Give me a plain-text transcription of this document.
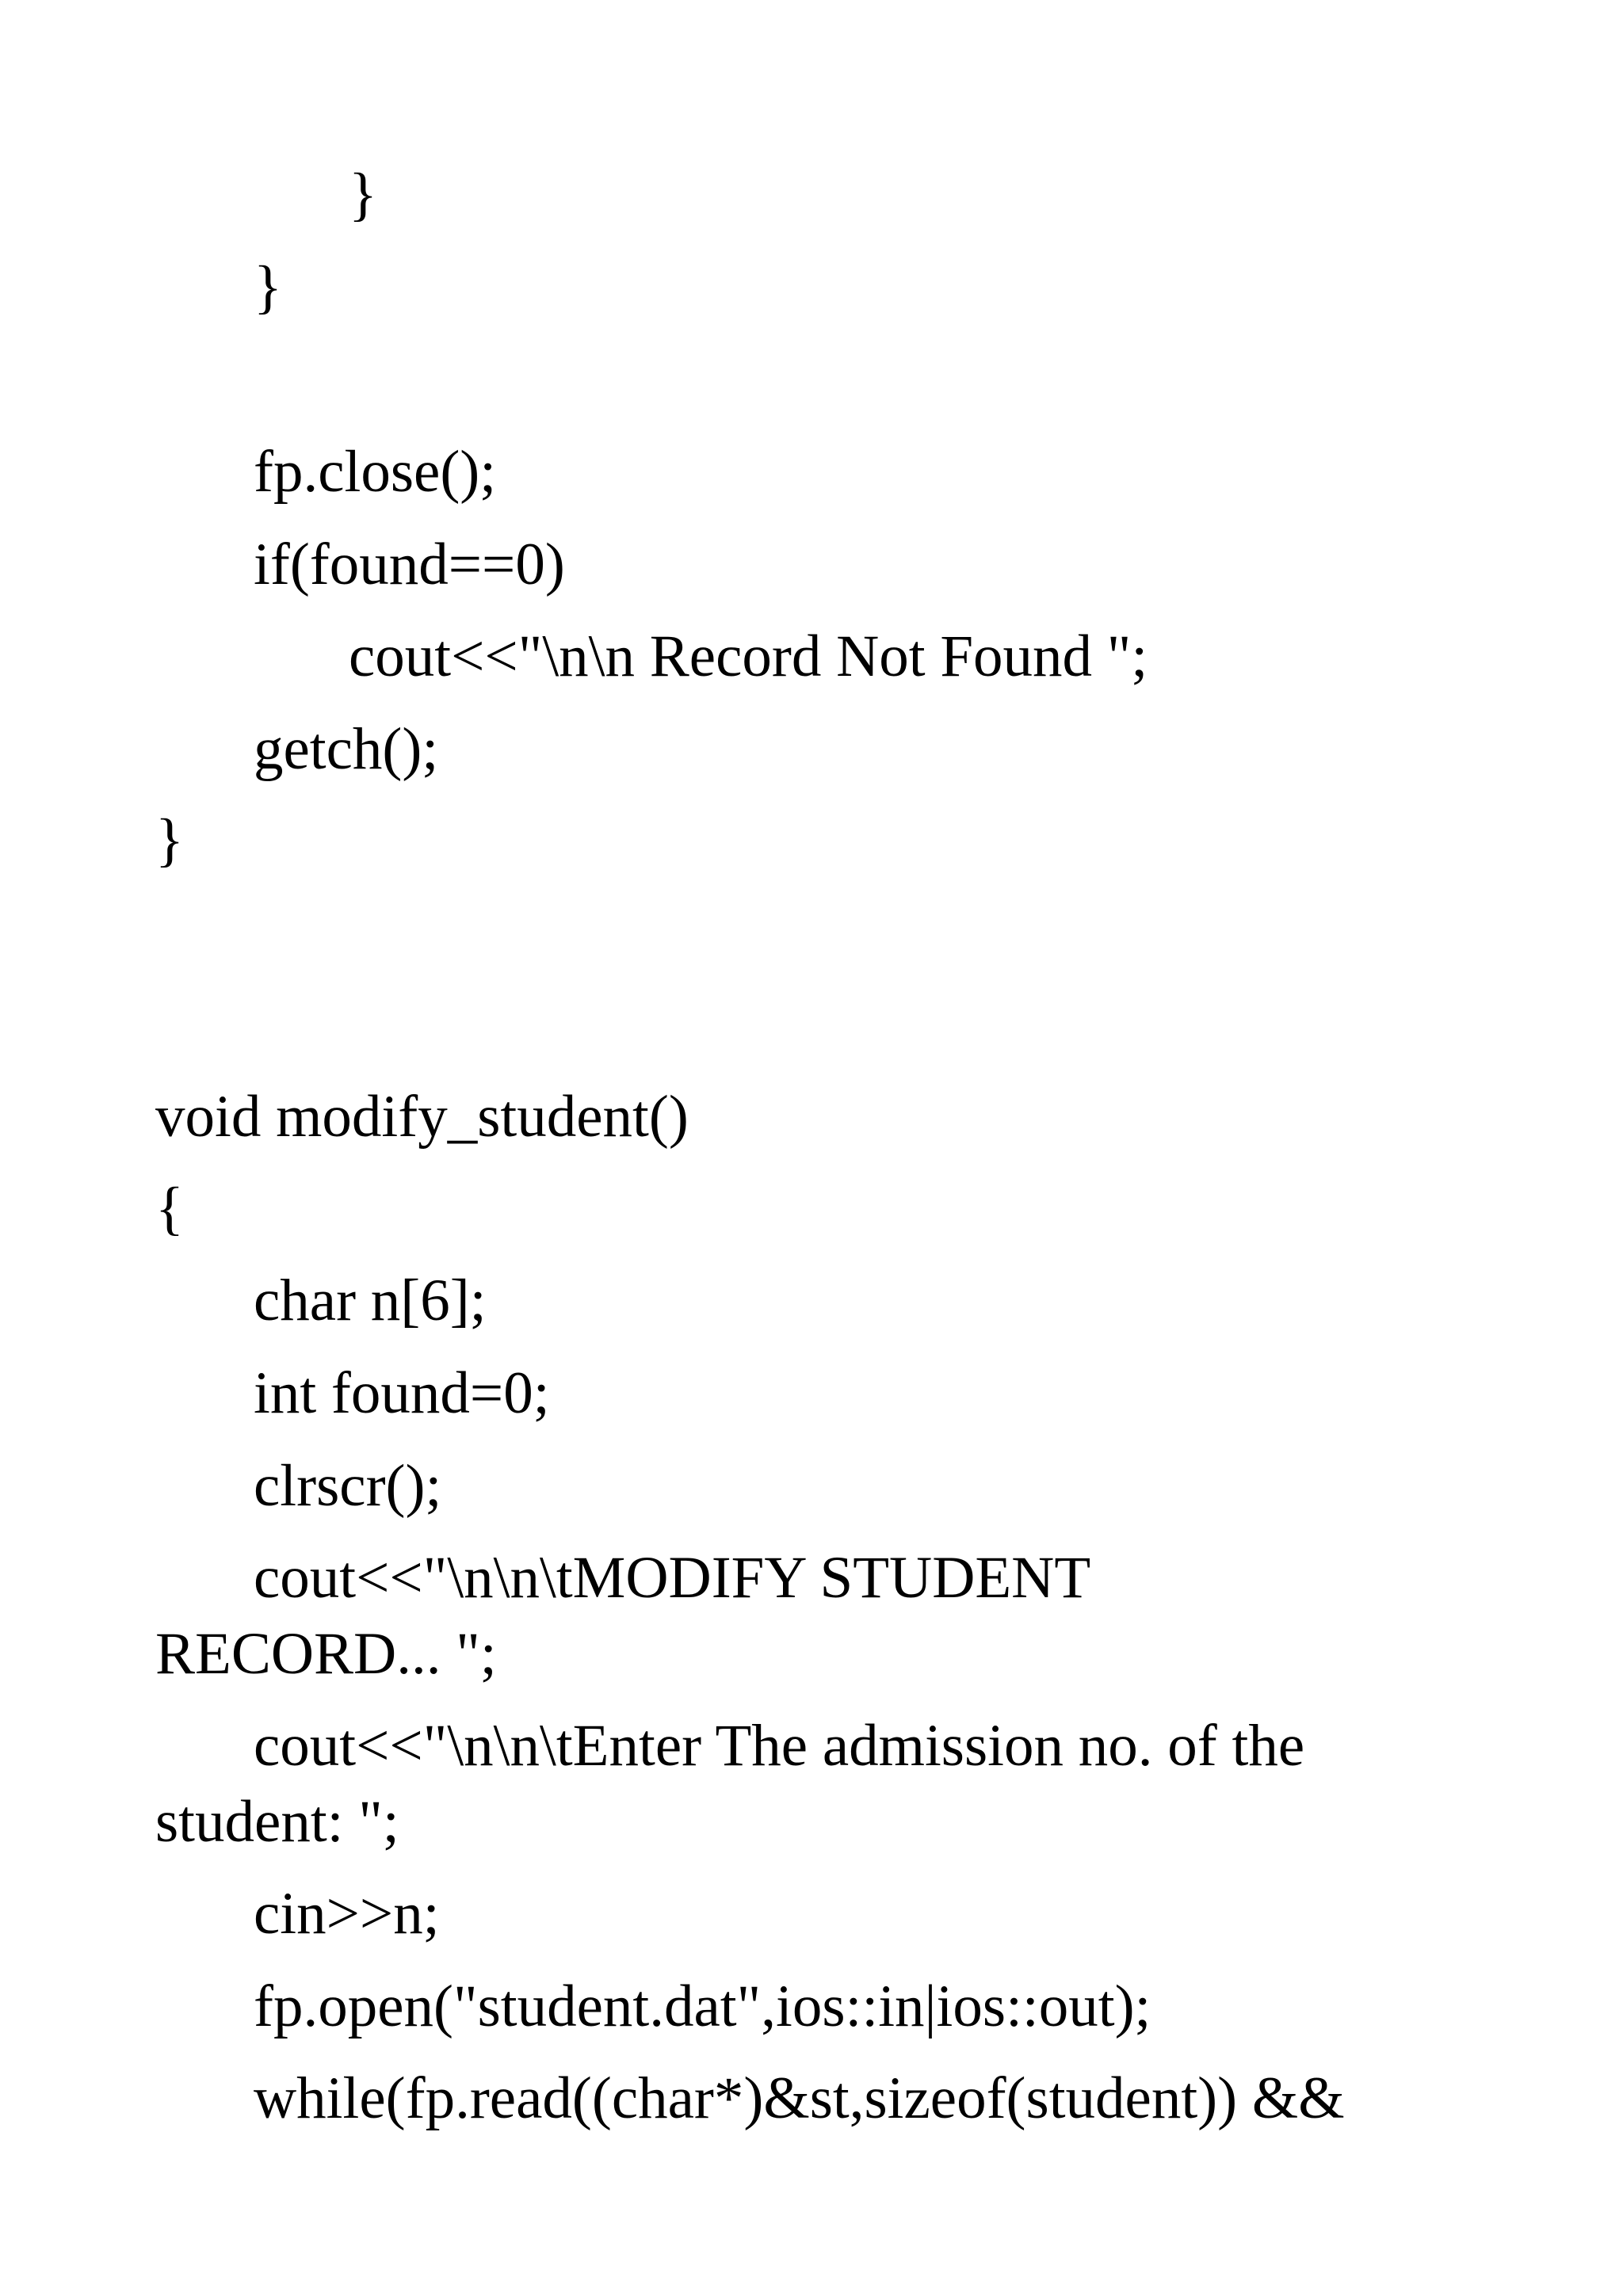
}

}

fp.close();

if(found==0)

cout<<"\n\n Record Not Found ";

getch();

}

void modify_student()

{

char n[6];

int found=0;

clrscr();

cout<<"\n\n\tMODIFY STUDENT

RECORD... ";

cout<<"\n\n\tEnter The admission no. of the

student: ";

cin>>n;

fp.open("student.dat",ios::in|ios::out);

while(fp.read((char*)&st,sizeof(student)) &&
